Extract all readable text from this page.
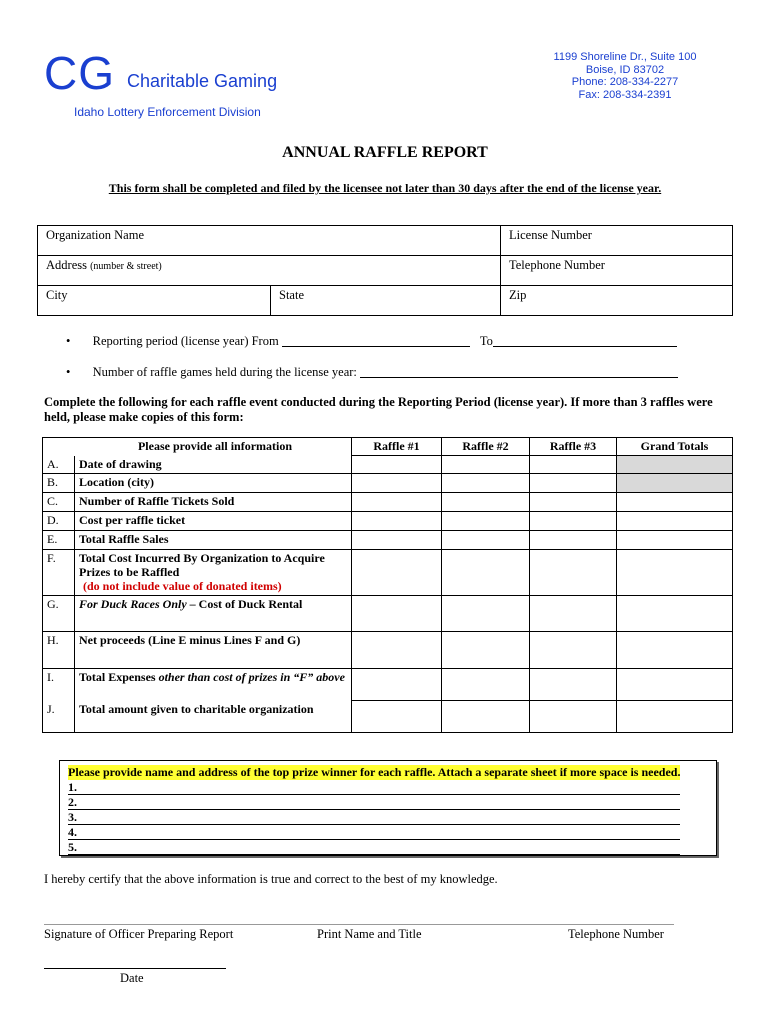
CG Charitable Gaming
Idaho Lottery Enforcement Division
1199 Shoreline Dr., Suite 100
Boise, ID 83702
Phone: 208-334-2277
Fax: 208-334-2391
ANNUAL RAFFLE REPORT
This form shall be completed and filed by the licensee not later than 30 days after the end of the license year.
Organization Name		License Number
Address (number & street)		Telephone Number
City	State	Zip
• Reporting period (license year) From	To
• Number of raffle games held during the license year:
Complete the following for each raffle event conducted during the Reporting Period (license year). If more than 3 raffles were held, please make copies of this form:
Please provide all information		Raffle #1	Raffle #2	Raffle #3	Grand Totals
A.	Date of drawing				
B.	Location (city)				
C.	Number of Raffle Tickets Sold				
D.	Cost per raffle ticket				
E.	Total Raffle Sales				
F.	Total Cost Incurred By Organization to Acquire Prizes to be Raffled
(do not include value of donated items)				

G.	For Duck Races Only – Cost of Duck Rental				
H.	Net proceeds (Line E minus Lines F and G)				
I.	Total Expenses other than cost of prizes in “F” above				
J.	Total amount given to charitable organization				
Please provide name and address of the top prize winner for each raffle. Attach a separate sheet if more space is needed.
1.
2.
3.
4.
5.
I hereby certify that the above information is true and correct to the best of my knowledge.
Signature of Officer Preparing Report	Print Name and Title	Telephone Number
Date
